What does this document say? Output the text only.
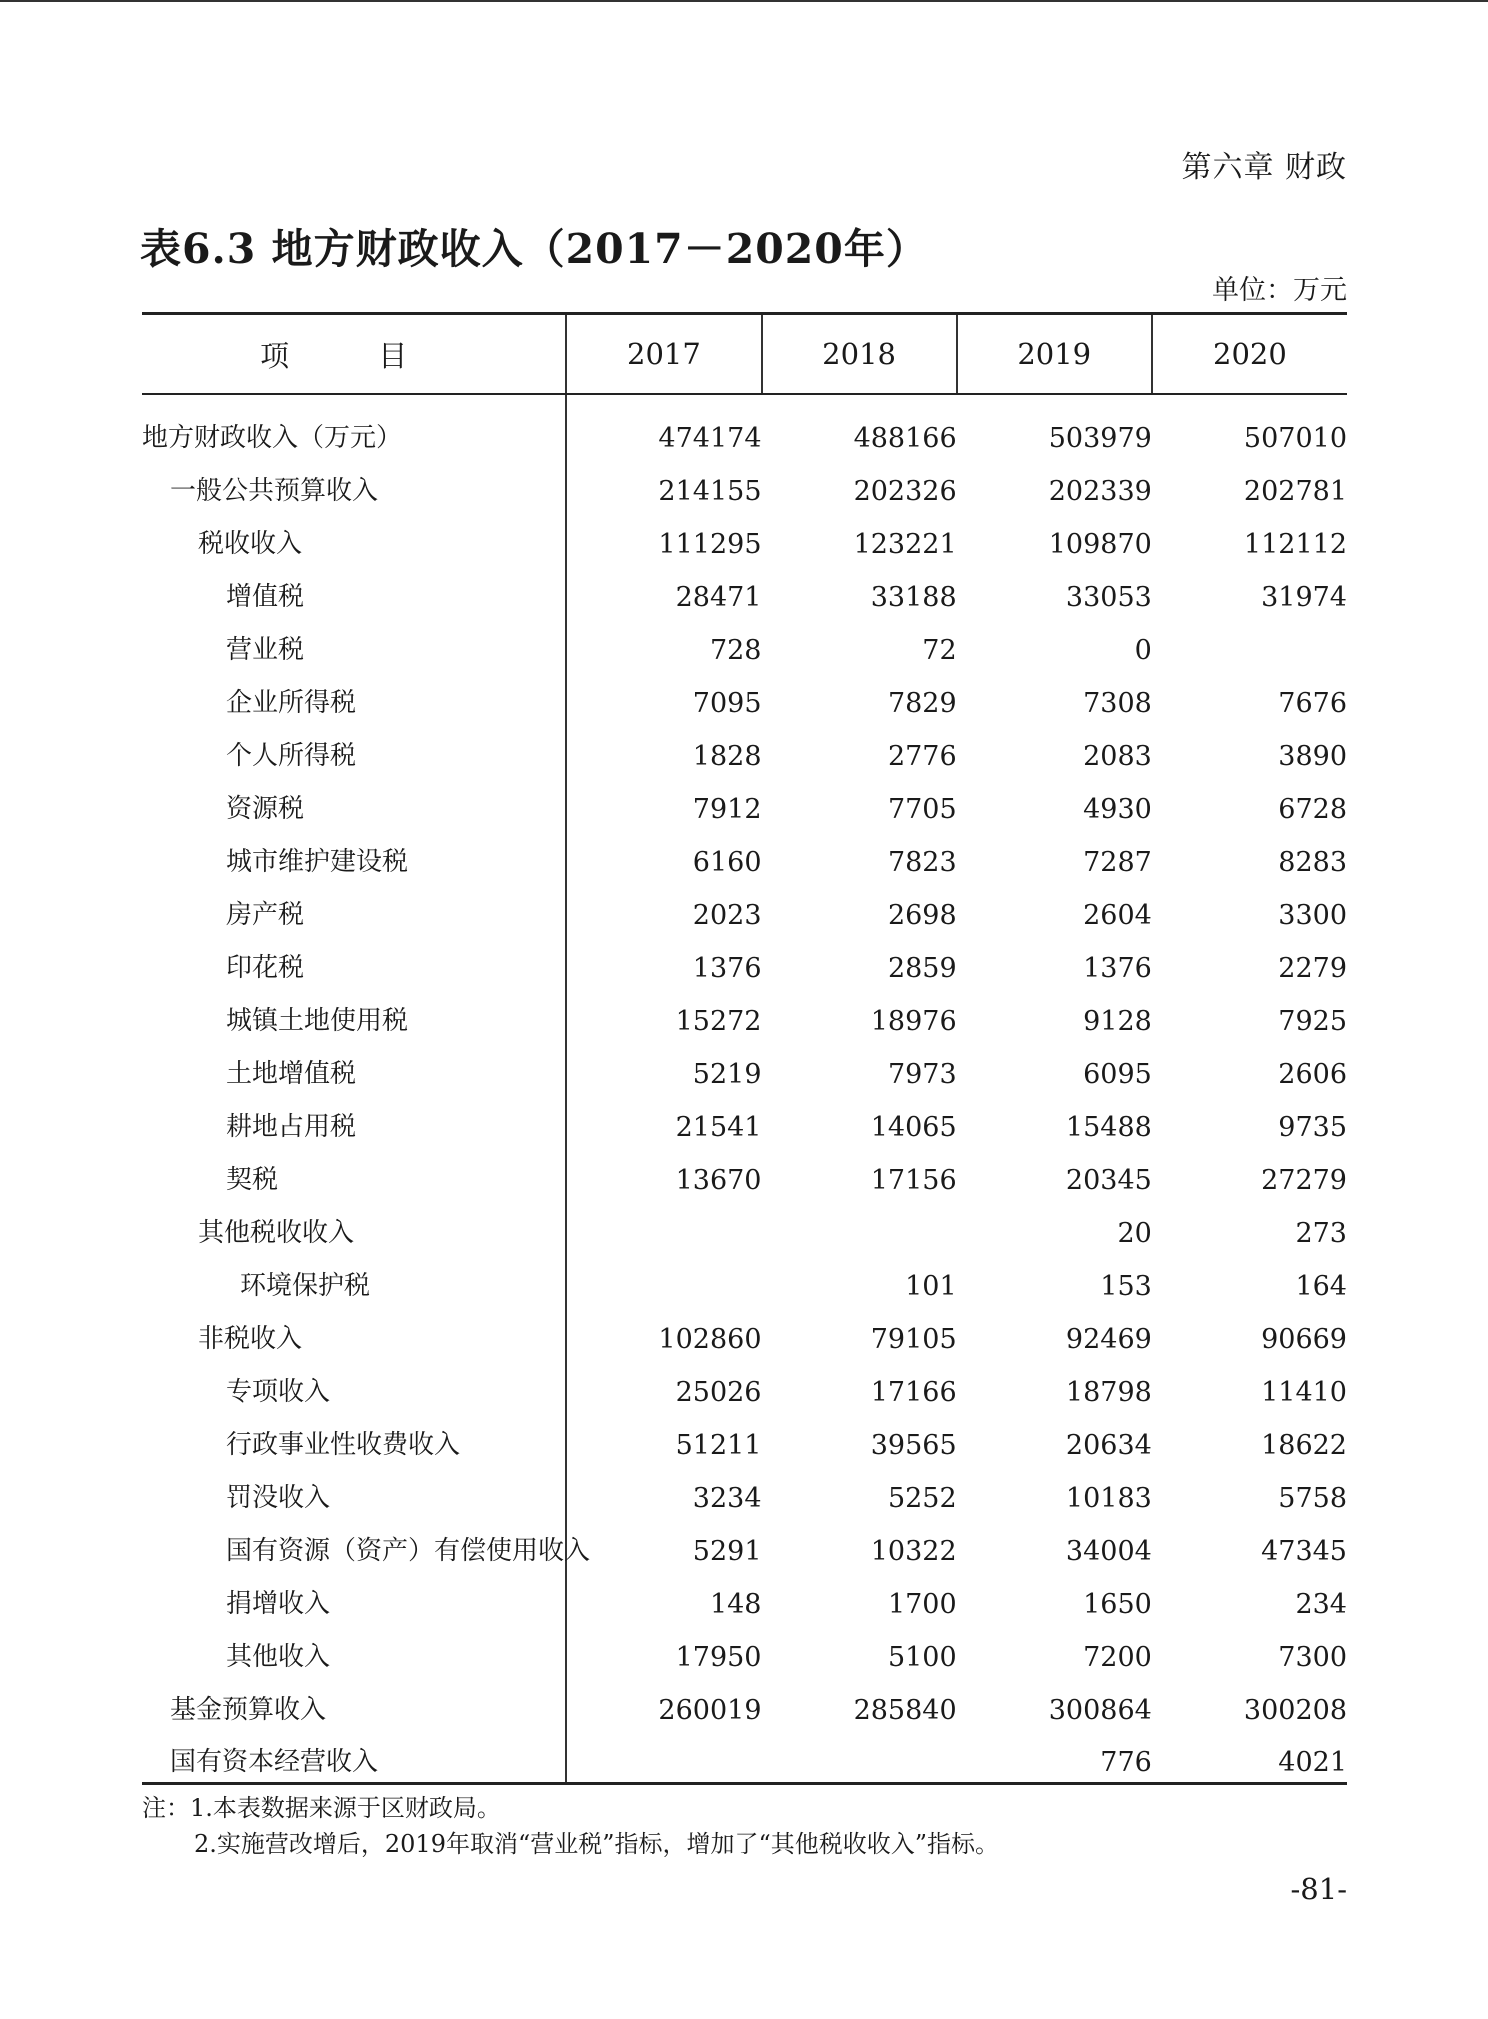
第六章 财政
表6.3 地方财政收入（2017－2020年）
单位：万元
项 目	2017	2018	2019	2020
地方财政收入（万元）	474174	488166	503979	507010
一般公共预算收入	214155	202326	202339	202781
税收收入	111295	123221	109870	112112
增值税	28471	33188	33053	31974
营业税	728	72	0	
企业所得税	7095	7829	7308	7676
个人所得税	1828	2776	2083	3890
资源税	7912	7705	4930	6728
城市维护建设税	6160	7823	7287	8283
房产税	2023	2698	2604	3300
印花税	1376	2859	1376	2279
城镇土地使用税	15272	18976	9128	7925
土地增值税	5219	7973	6095	2606
耕地占用税	21541	14065	15488	9735
契税	13670	17156	20345	27279
其他税收收入			20	273
环境保护税		101	153	164
非税收入	102860	79105	92469	90669
专项收入	25026	17166	18798	11410
行政事业性收费收入	51211	39565	20634	18622
罚没收入	3234	5252	10183	5758
国有资源（资产）有偿使用收入	5291	10322	34004	47345
捐增收入	148	1700	1650	234
其他收入	17950	5100	7200	7300
基金预算收入	260019	285840	300864	300208
国有资本经营收入			776	4021
注：1.本表数据来源于区财政局。
2.实施营改增后，2019年取消“营业税”指标，增加了“其他税收收入”指标。
-81-
